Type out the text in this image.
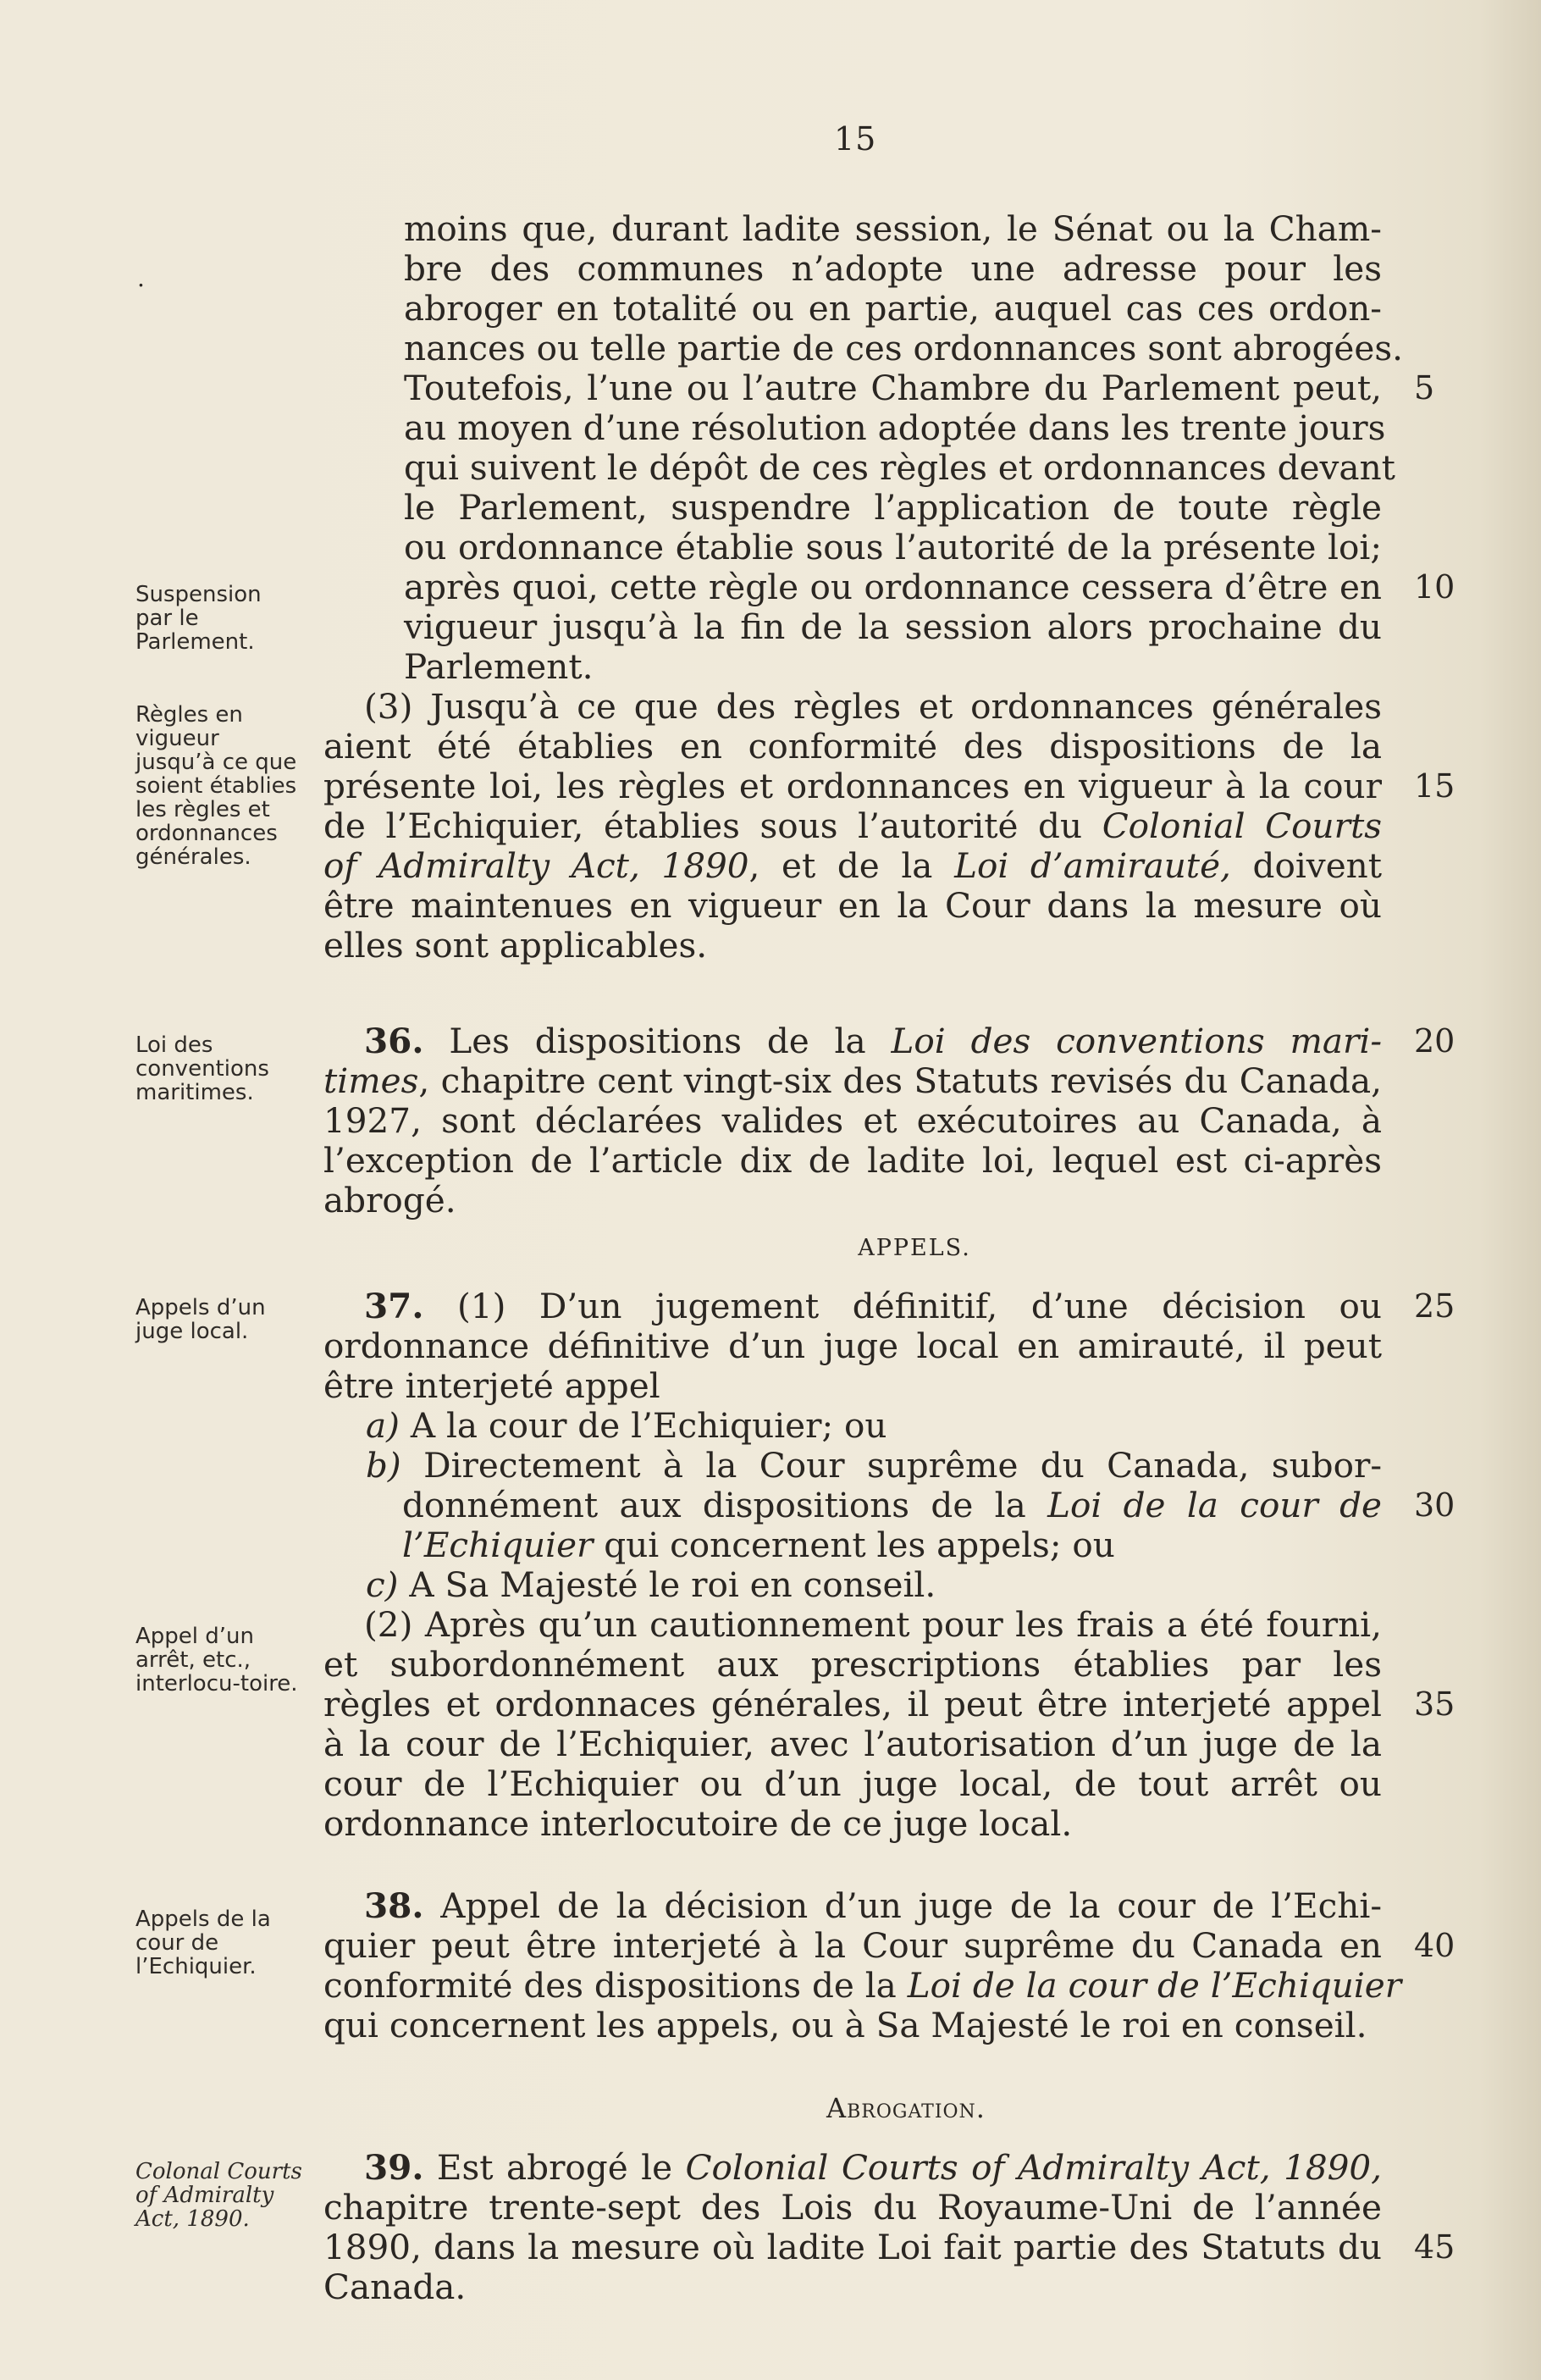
15
.
Suspension par le Parlement.
Règles en vigueur jusqu’à ce que soient établies les règles et ordonnances générales.
Loi des conventions maritimes.
Appels d’un juge local.
Appel d’un arrêt, etc., interlocu-toire.
Appels de la cour de l’Echiquier.
Colonal Courts of Admiralty Act, 1890.
moins que, durant ladite session, le Sénat ou la Cham-
bre des communes n’adopte une adresse pour les
abroger en totalité ou en partie, auquel cas ces ordon-
nances ou telle partie de ces ordonnances sont abrogées.
Toutefois, l’une ou l’autre Chambre du Parlement peut,
au moyen d’une résolution adoptée dans les trente jours
qui suivent le dépôt de ces règles et ordonnances devant
le Parlement, suspendre l’application de toute règle
ou ordonnance établie sous l’autorité de la présente loi;
après quoi, cette règle ou ordonnance cessera d’être en
vigueur jusqu’à la fin de la session alors prochaine du
Parlement.
(3) Jusqu’à ce que des règles et ordonnances générales
aient été établies en conformité des dispositions de la
présente loi, les règles et ordonnances en vigueur à la cour
de l’Echiquier, établies sous l’autorité du Colonial Courts
of Admiralty Act, 1890, et de la Loi d’amirauté, doivent
être maintenues en vigueur en la Cour dans la mesure où
elles sont applicables.
36. Les dispositions de la Loi des conventions mari-
times, chapitre cent vingt-six des Statuts revisés du Canada,
1927, sont déclarées valides et exécutoires au Canada, à
l’exception de l’article dix de ladite loi, lequel est ci-après
abrogé.
APPELS.
37. (1) D’un jugement définitif, d’une décision ou
ordonnance définitive d’un juge local en amirauté, il peut
être interjeté appel
a) A la cour de l’Echiquier; ou
b) Directement à la Cour suprême du Canada, subor-
donnément aux dispositions de la Loi de la cour de
l’Echiquier qui concernent les appels; ou
c) A Sa Majesté le roi en conseil.
(2) Après qu’un cautionnement pour les frais a été fourni,
et subordonnément aux prescriptions établies par les
règles et ordonnaces générales, il peut être interjeté appel
à la cour de l’Echiquier, avec l’autorisation d’un juge de la
cour de l’Echiquier ou d’un juge local, de tout arrêt ou
ordonnance interlocutoire de ce juge local.
38. Appel de la décision d’un juge de la cour de l’Echi-
quier peut être interjeté à la Cour suprême du Canada en
conformité des dispositions de la Loi de la cour de l’Echiquier
qui concernent les appels, ou à Sa Majesté le roi en conseil.
Abrogation.
39. Est abrogé le Colonial Courts of Admiralty Act, 1890,
chapitre trente-sept des Lois du Royaume-Uni de l’année
1890, dans la mesure où ladite Loi fait partie des Statuts du
Canada.
5
10
15
20
25
30
35
40
45
